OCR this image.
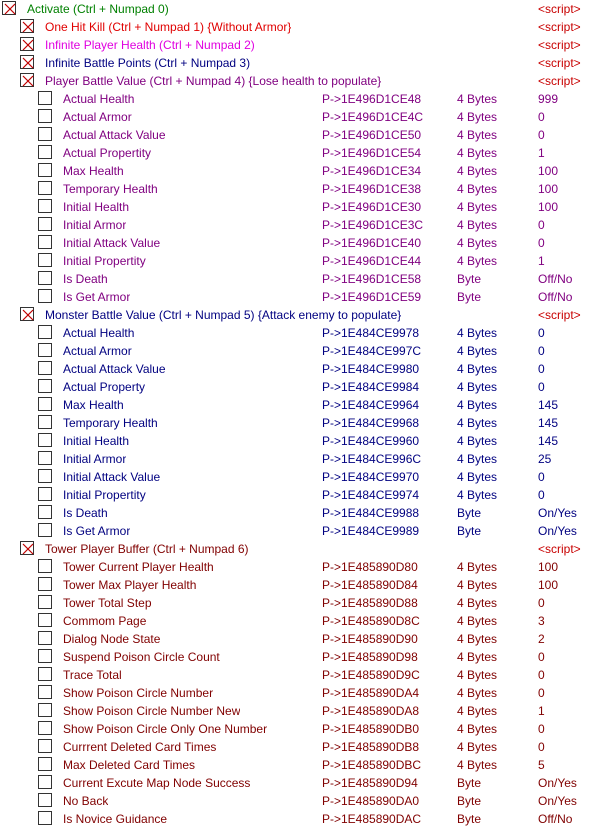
Activate (Ctrl + Numpad 0)	<script>
One Hit Kill (Ctrl + Numpad 1) {Without Armor}	<script>
Infinite Player Health (Ctrl + Numpad 2)	<script>
Infinite Battle Points (Ctrl + Numpad 3)	<script>
Player Battle Value (Ctrl + Numpad 4) {Lose health to populate}	<script>
Actual Health	P->1E496D1CE48	4 Bytes	999
Actual Armor	P->1E496D1CE4C	4 Bytes	0
Actual Attack Value	P->1E496D1CE50	4 Bytes	0
Actual Propertity	P->1E496D1CE54	4 Bytes	1
Max Health	P->1E496D1CE34	4 Bytes	100
Temporary Health	P->1E496D1CE38	4 Bytes	100
Initial Health	P->1E496D1CE30	4 Bytes	100
Initial Armor	P->1E496D1CE3C	4 Bytes	0
Initial Attack Value	P->1E496D1CE40	4 Bytes	0
Initial Propertity	P->1E496D1CE44	4 Bytes	1
Is Death	P->1E496D1CE58	Byte	Off/No
Is Get Armor	P->1E496D1CE59	Byte	Off/No
Monster Battle Value (Ctrl + Numpad 5) {Attack enemy to populate}	<script>
Actual Health	P->1E484CE9978	4 Bytes	0
Actual Armor	P->1E484CE997C	4 Bytes	0
Actual Attack Value	P->1E484CE9980	4 Bytes	0
Actual Property	P->1E484CE9984	4 Bytes	0
Max Health	P->1E484CE9964	4 Bytes	145
Temporary Health	P->1E484CE9968	4 Bytes	145
Initial Health	P->1E484CE9960	4 Bytes	145
Initial Armor	P->1E484CE996C	4 Bytes	25
Initial Attack Value	P->1E484CE9970	4 Bytes	0
Initial Propertity	P->1E484CE9974	4 Bytes	0
Is Death	P->1E484CE9988	Byte	On/Yes
Is Get Armor	P->1E484CE9989	Byte	On/Yes
Tower Player Buffer (Ctrl + Numpad 6)	<script>
Tower Current Player Health	P->1E485890D80	4 Bytes	100
Tower Max Player Health	P->1E485890D84	4 Bytes	100
Tower Total Step	P->1E485890D88	4 Bytes	0
Commom Page	P->1E485890D8C	4 Bytes	3
Dialog Node State	P->1E485890D90	4 Bytes	2
Suspend Poison Circle Count	P->1E485890D98	4 Bytes	0
Trace Total	P->1E485890D9C	4 Bytes	0
Show Poison Circle Number	P->1E485890DA4	4 Bytes	0
Show Poison Circle Number New	P->1E485890DA8	4 Bytes	1
Show Poison Circle Only One Number	P->1E485890DB0	4 Bytes	0
Currrent Deleted Card Times	P->1E485890DB8	4 Bytes	0
Max Deleted Card Times	P->1E485890DBC	4 Bytes	5
Current Excute Map Node Success	P->1E485890D94	Byte	On/Yes
No Back	P->1E485890DA0	Byte	On/Yes
Is Novice Guidance	P->1E485890DAC	Byte	Off/No
